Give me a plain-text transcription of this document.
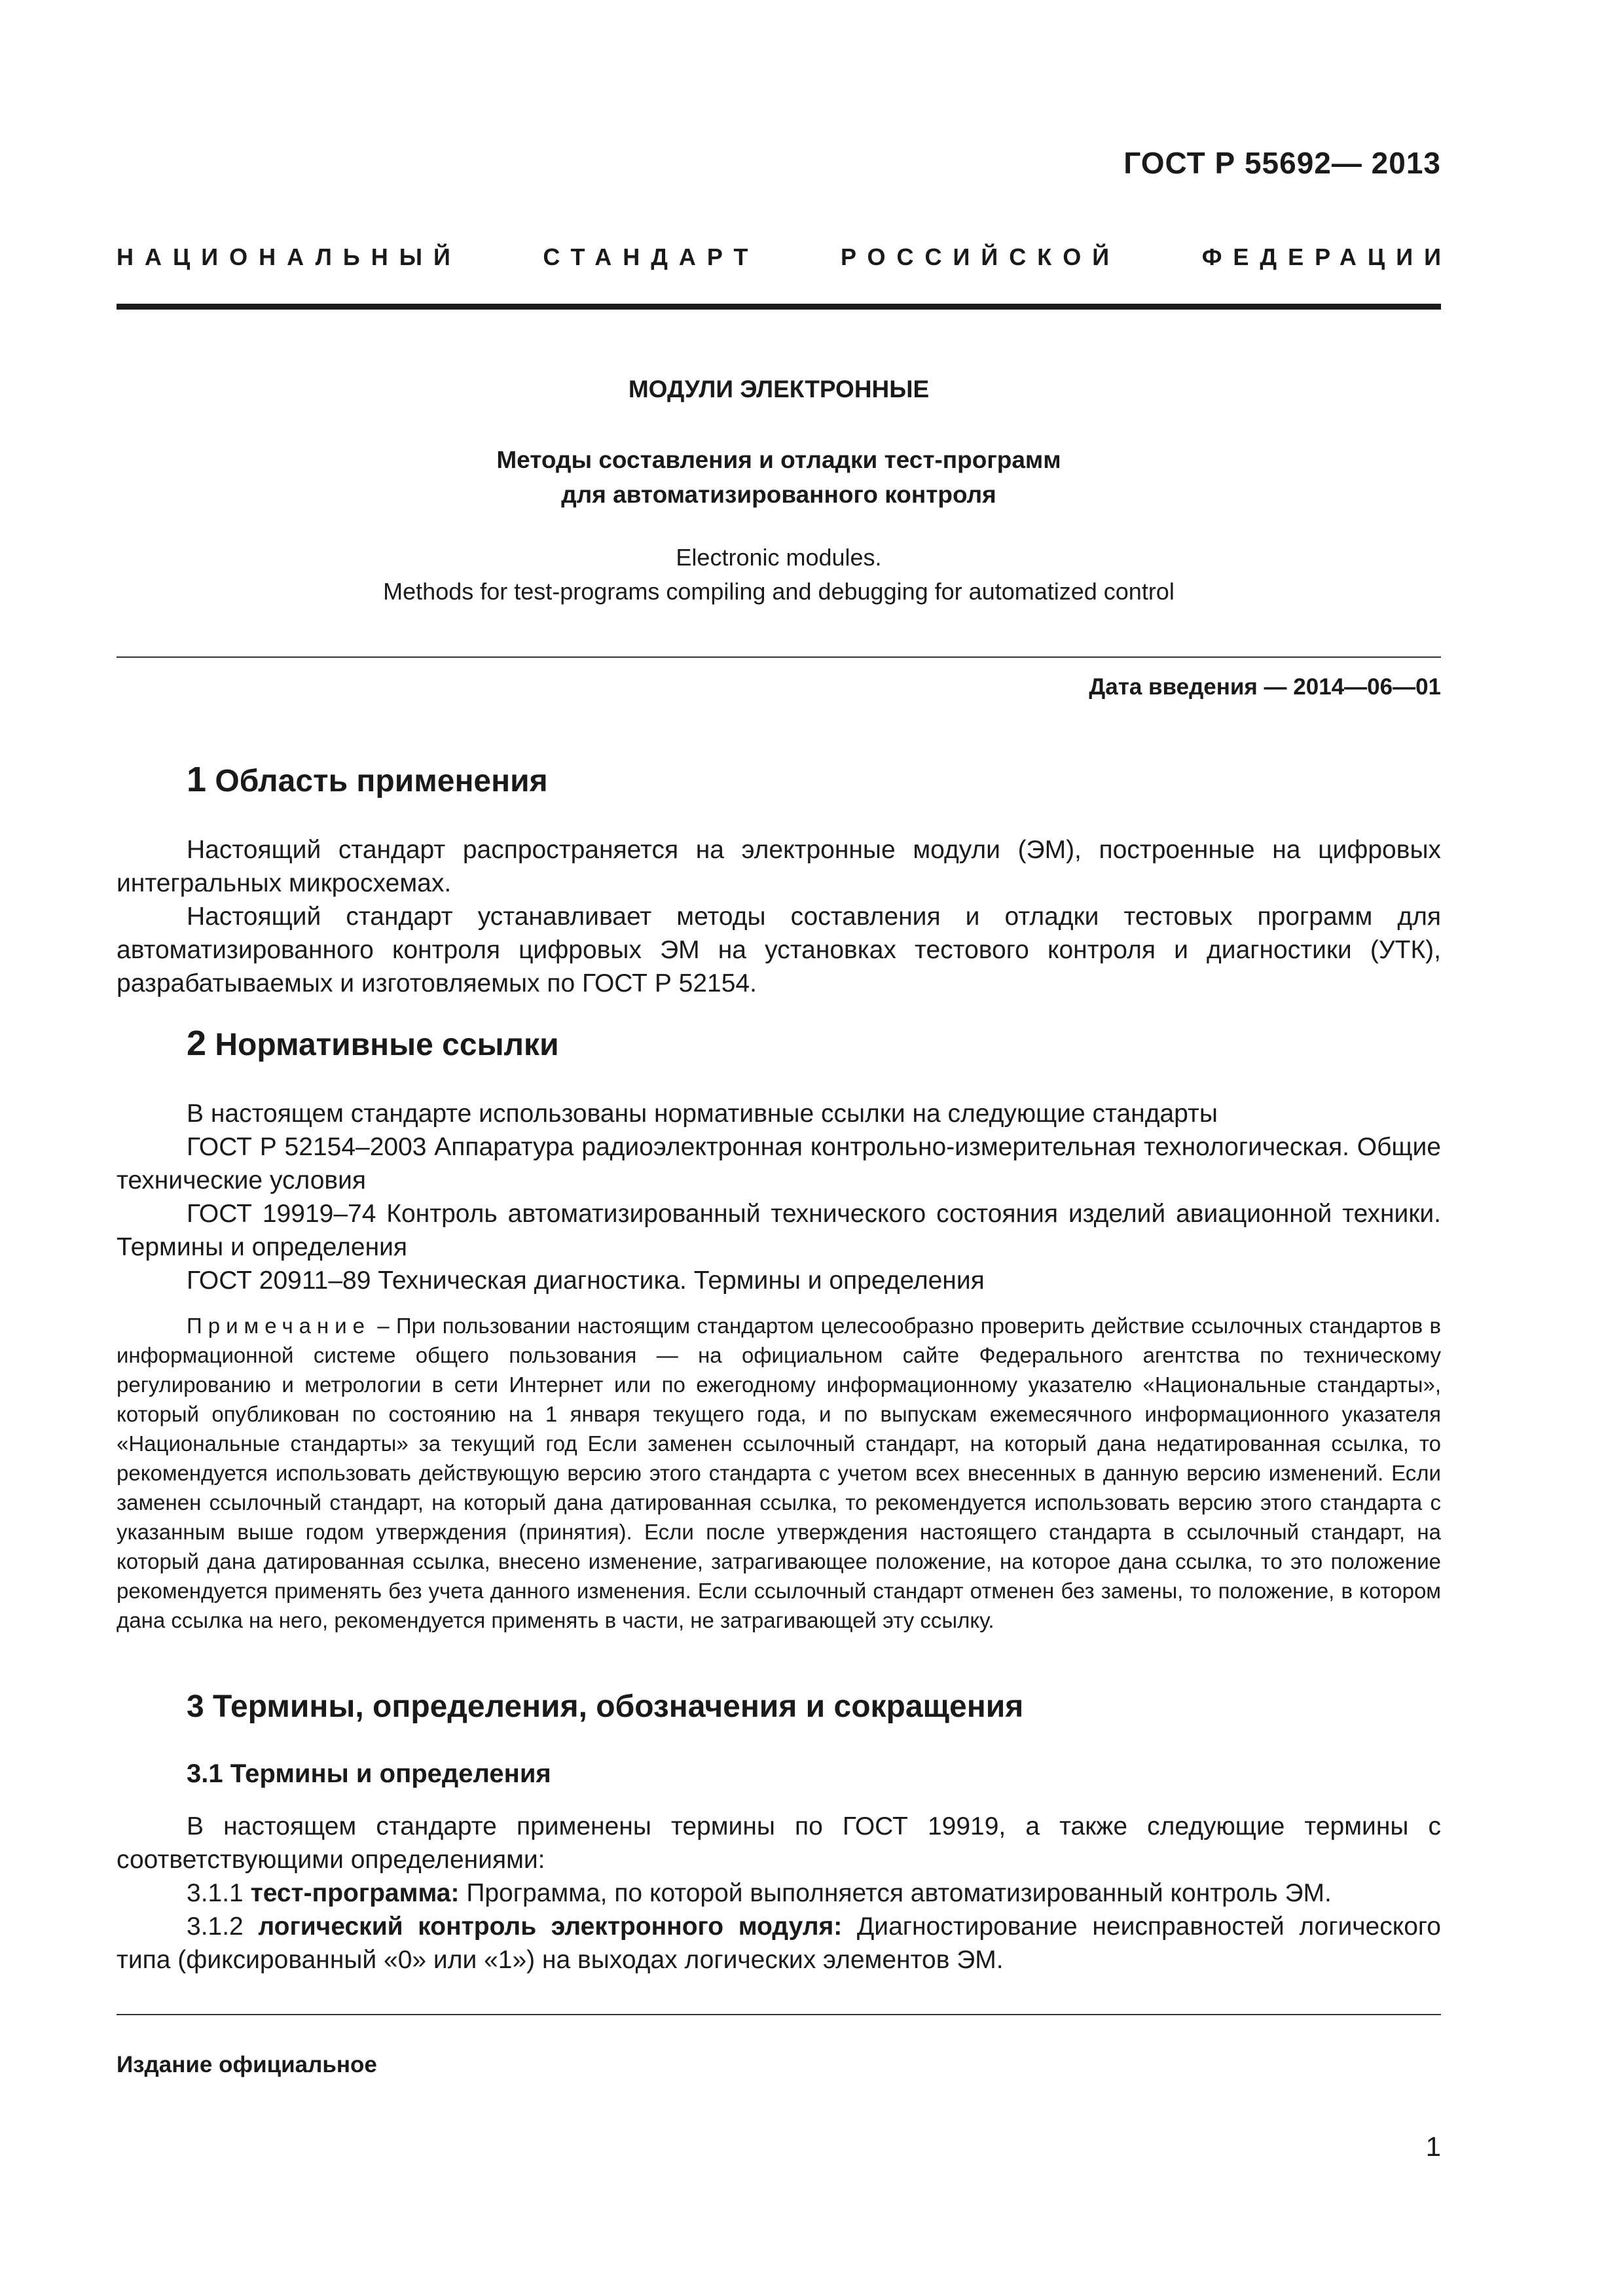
ГОСТ Р 55692— 2013
НАЦИОНАЛЬНЫЙ	СТАНДАРТ	РОССИЙСКОЙ	ФЕДЕРАЦИИ
МОДУЛИ ЭЛЕКТРОННЫЕ
Методы составления и отладки тест-программ
для автоматизированного контроля
Electronic modules.
Methods for test-programs compiling and debugging for automatized control
Дата введения — 2014—06—01
1 Область применения

Настоящий стандарт распространяется на электронные модули (ЭМ), построенные на цифровых интегральных микросхемах.

Настоящий стандарт устанавливает методы составления и отладки тестовых программ для автоматизированного контроля цифровых ЭМ на установках тестового контроля и диагностики (УТК), разрабатываемых и изготовляемых по ГОСТ Р 52154.

2 Нормативные ссылки

В настоящем стандарте использованы нормативные ссылки на следующие стандарты

ГОСТ Р 52154–2003 Аппаратура радиоэлектронная контрольно-измерительная технологическая. Общие технические условия

ГОСТ 19919–74 Контроль автоматизированный технического состояния изделий авиационной техники. Термины и определения

ГОСТ 20911–89 Техническая диагностика. Термины и определения

Примечание – При пользовании настоящим стандартом целесообразно проверить действие ссылочных стандартов в информационной системе общего пользования — на официальном сайте Федерального агентства по техническому регулированию и метрологии в сети Интернет или по ежегодному информационному указателю «Национальные стандарты», который опубликован по состоянию на 1 января текущего года, и по выпускам ежемесячного информационного указателя «Национальные стандарты» за текущий год Если заменен ссылочный стандарт, на который дана недатированная ссылка, то рекомендуется использовать действующую версию этого стандарта с учетом всех внесенных в данную версию изменений. Если заменен ссылочный стандарт, на который дана датированная ссылка, то рекомендуется использовать версию этого стандарта с указанным выше годом утверждения (принятия). Если после утверждения настоящего стандарта в ссылочный стандарт, на который дана датированная ссылка, внесено изменение, затрагивающее положение, на которое дана ссылка, то это положение рекомендуется применять без учета данного изменения. Если ссылочный стандарт отменен без замены, то положение, в котором дана ссылка на него, рекомендуется применять в части, не затрагивающей эту ссылку.

3 Термины, определения, обозначения и сокращения
3.1 Термины и определения

В настоящем стандарте применены термины по ГОСТ 19919, а также следующие термины с соответствующими определениями:

3.1.1 тест-программа: Программа, по которой выполняется автоматизированный контроль ЭМ.

3.1.2 логический контроль электронного модуля: Диагностирование неисправностей логического типа (фиксированный «0» или «1») на выходах логических элементов ЭМ.

Издание официальное
1
